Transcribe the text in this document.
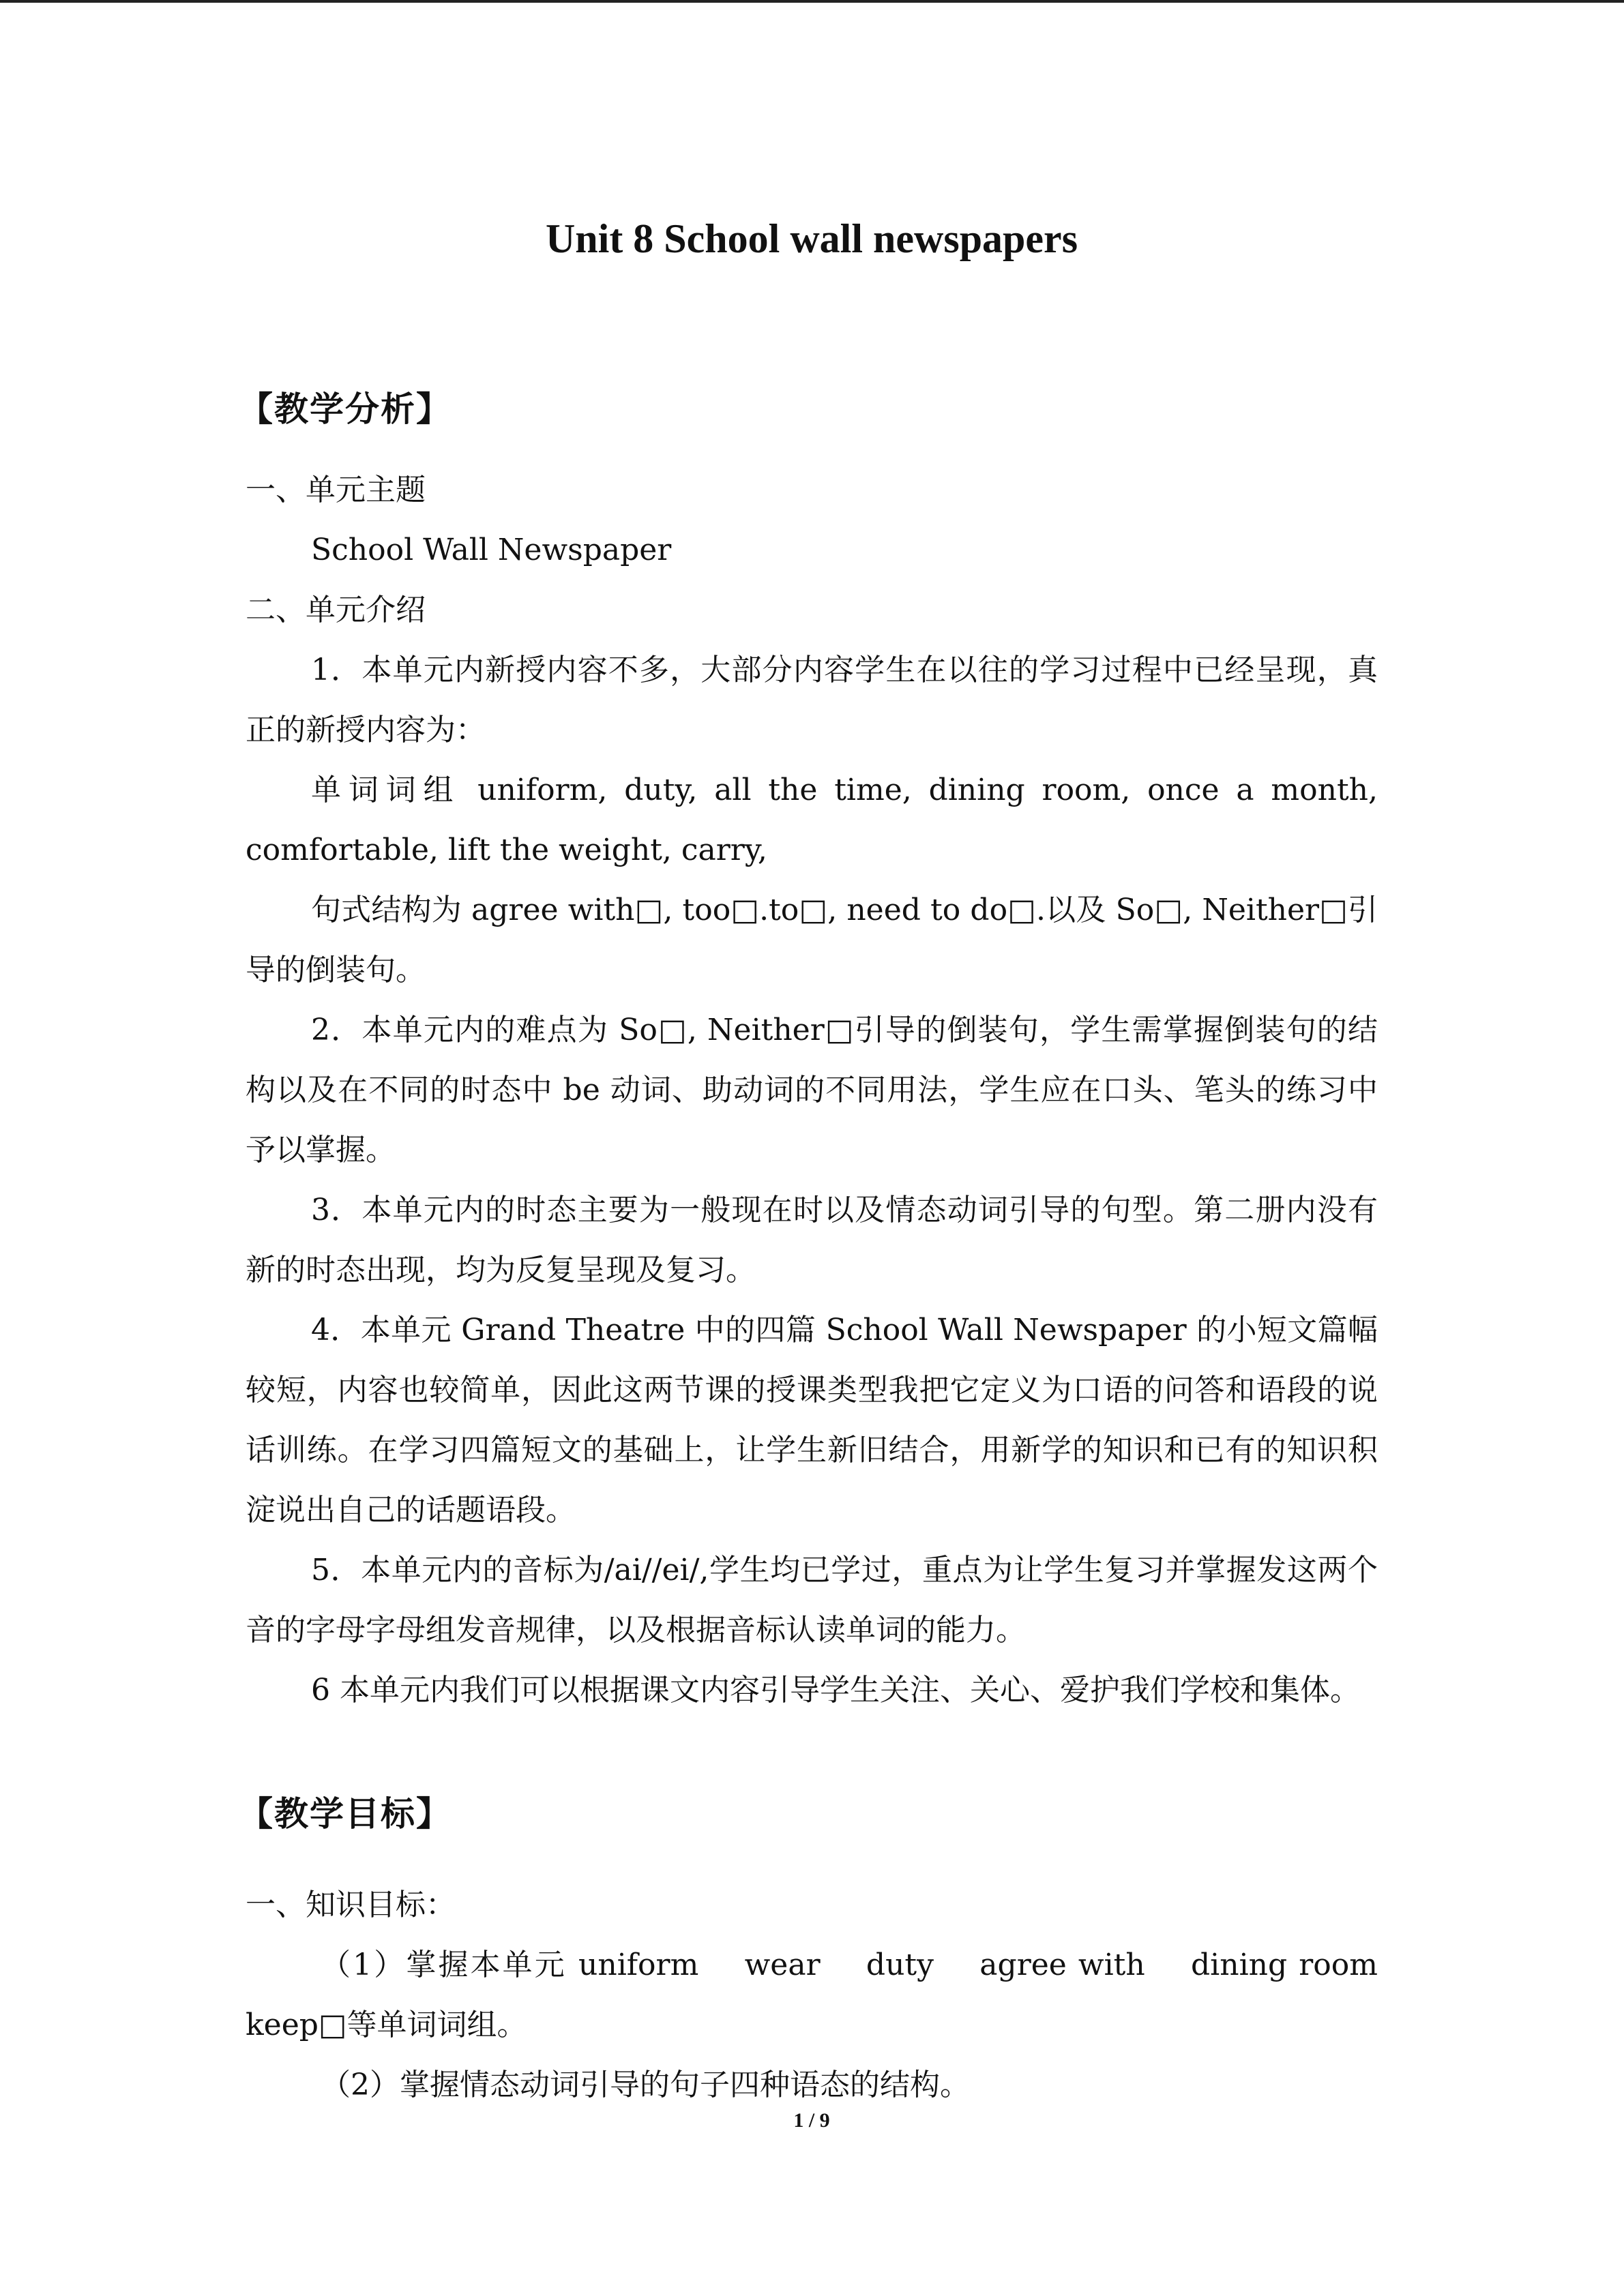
Unit 8 School wall newspapers
【教学分析】

一、单元主题

School Wall Newspaper

二、单元介绍

1．本单元内新授内容不多，大部分内容学生在以往的学习过程中已经呈现，真正的新授内容为：

单词词组 uniform, duty, all the time, dining room, once a month, comfortable, lift the weight, carry,

句式结构为 agree with□, too□.to□, need to do□.以及 So□, Neither□引导的倒装句。

2．本单元内的难点为 So□, Neither□引导的倒装句，学生需掌握倒装句的结构以及在不同的时态中 be 动词、助动词的不同用法，学生应在口头、笔头的练习中予以掌握。

3．本单元内的时态主要为一般现在时以及情态动词引导的句型。第二册内没有新的时态出现，均为反复呈现及复习。

4．本单元 Grand Theatre 中的四篇 School Wall Newspaper 的小短文篇幅较短，内容也较简单，因此这两节课的授课类型我把它定义为口语的问答和语段的说话训练。在学习四篇短文的基础上，让学生新旧结合，用新学的知识和已有的知识积淀说出自己的话题语段。

5．本单元内的音标为/ai//ei/,学生均已学过，重点为让学生复习并掌握发这两个音的字母字母组发音规律，以及根据音标认读单词的能力。

6 本单元内我们可以根据课文内容引导学生关注、关心、爱护我们学校和集体。

【教学目标】

一、知识目标：

（1）掌握本单元 uniform　 wear　 duty　 agree with　 dining room　 keep□等单词词组。

（2）掌握情态动词引导的句子四种语态的结构。

1 / 9
